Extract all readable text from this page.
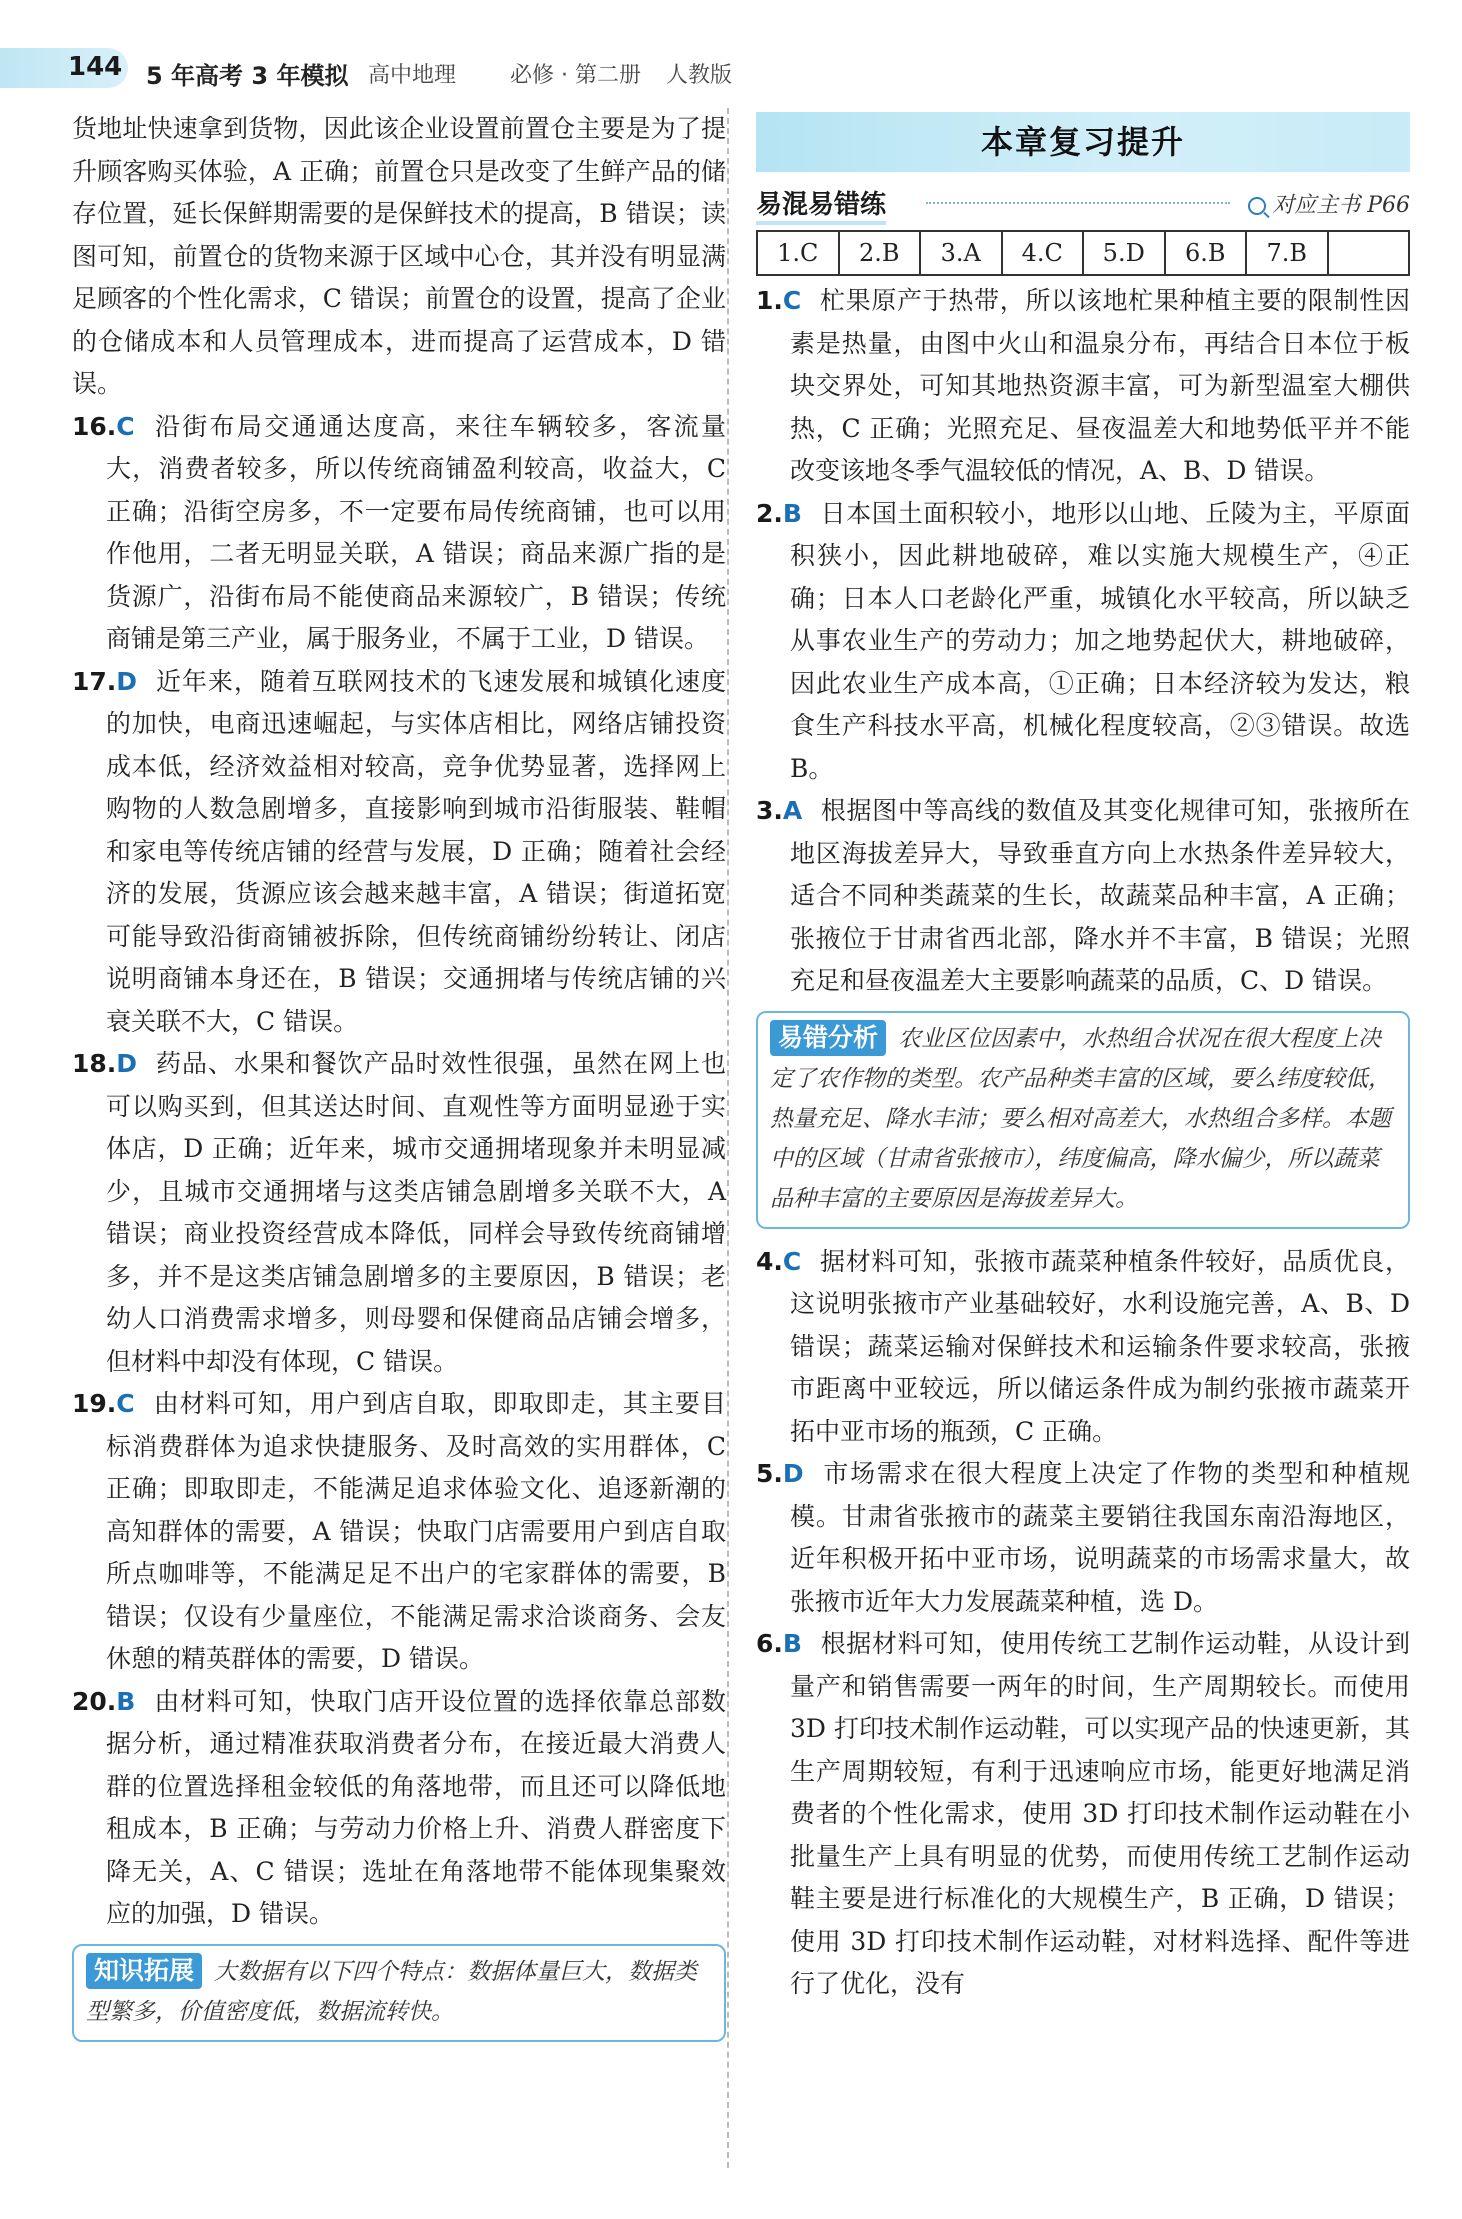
144 5 年高考 3 年模拟 高中地理 必修 · 第二册 人教版

货地址快速拿到货物，因此该企业设置前置仓主要是为了提升顾客购买体验，A 正确；前置仓只是改变了生鲜产品的储存位置，延长保鲜期需要的是保鲜技术的提高，B 错误；读图可知，前置仓的货物来源于区域中心仓，其并没有明显满足顾客的个性化需求，C 错误；前置仓的设置，提高了企业的仓储成本和人员管理成本，进而提高了运营成本，D 错误。

16.C 沿街布局交通通达度高，来往车辆较多，客流量大，消费者较多，所以传统商铺盈利较高，收益大，C 正确；沿街空房多，不一定要布局传统商铺，也可以用作他用，二者无明显关联，A 错误；商品来源广指的是货源广，沿街布局不能使商品来源较广，B 错误；传统商铺是第三产业，属于服务业，不属于工业，D 错误。

17.D 近年来，随着互联网技术的飞速发展和城镇化速度的加快，电商迅速崛起，与实体店相比，网络店铺投资成本低，经济效益相对较高，竞争优势显著，选择网上购物的人数急剧增多，直接影响到城市沿街服装、鞋帽和家电等传统店铺的经营与发展，D 正确；随着社会经济的发展，货源应该会越来越丰富，A 错误；街道拓宽可能导致沿街商铺被拆除，但传统商铺纷纷转让、闭店说明商铺本身还在，B 错误；交通拥堵与传统店铺的兴衰关联不大，C 错误。

18.D 药品、水果和餐饮产品时效性很强，虽然在网上也可以购买到，但其送达时间、直观性等方面明显逊于实体店，D 正确；近年来，城市交通拥堵现象并未明显减少，且城市交通拥堵与这类店铺急剧增多关联不大，A 错误；商业投资经营成本降低，同样会导致传统商铺增多，并不是这类店铺急剧增多的主要原因，B 错误；老幼人口消费需求增多，则母婴和保健商品店铺会增多，但材料中却没有体现，C 错误。

19.C 由材料可知，用户到店自取，即取即走，其主要目标消费群体为追求快捷服务、及时高效的实用群体，C 正确；即取即走，不能满足追求体验文化、追逐新潮的高知群体的需要，A 错误；快取门店需要用户到店自取所点咖啡等，不能满足足不出户的宅家群体的需要，B 错误；仅设有少量座位，不能满足需求洽谈商务、会友休憩的精英群体的需要，D 错误。

20.B 由材料可知，快取门店开设位置的选择依靠总部数据分析，通过精准获取消费者分布，在接近最大消费人群的位置选择租金较低的角落地带，而且还可以降低地租成本，B 正确；与劳动力价格上升、消费人群密度下降无关，A、C 错误；选址在角落地带不能体现集聚效应的加强，D 错误。

知识拓展 大数据有以下四个特点：数据体量巨大，数据类型繁多，价值密度低，数据流转快。
本章复习提升
易混易错练	对应主书 P66
1.C	2.B	3.A	4.C	5.D	6.B	7.B	

1.C 杧果原产于热带，所以该地杧果种植主要的限制性因素是热量，由图中火山和温泉分布，再结合日本位于板块交界处，可知其地热资源丰富，可为新型温室大棚供热，C 正确；光照充足、昼夜温差大和地势低平并不能改变该地冬季气温较低的情况，A、B、D 错误。

2.B 日本国土面积较小，地形以山地、丘陵为主，平原面积狭小，因此耕地破碎，难以实施大规模生产，④正确；日本人口老龄化严重，城镇化水平较高，所以缺乏从事农业生产的劳动力；加之地势起伏大，耕地破碎，因此农业生产成本高，①正确；日本经济较为发达，粮食生产科技水平高，机械化程度较高，②③错误。故选 B。

3.A 根据图中等高线的数值及其变化规律可知，张掖所在地区海拔差异大，导致垂直方向上水热条件差异较大，适合不同种类蔬菜的生长，故蔬菜品种丰富，A 正确；张掖位于甘肃省西北部，降水并不丰富，B 错误；光照充足和昼夜温差大主要影响蔬菜的品质，C、D 错误。

易错分析 农业区位因素中，水热组合状况在很大程度上决定了农作物的类型。农产品种类丰富的区域，要么纬度较低，热量充足、降水丰沛；要么相对高差大，水热组合多样。本题中的区域（甘肃省张掖市），纬度偏高，降水偏少，所以蔬菜品种丰富的主要原因是海拔差异大。

4.C 据材料可知，张掖市蔬菜种植条件较好，品质优良，这说明张掖市产业基础较好，水利设施完善，A、B、D 错误；蔬菜运输对保鲜技术和运输条件要求较高，张掖市距离中亚较远，所以储运条件成为制约张掖市蔬菜开拓中亚市场的瓶颈，C 正确。

5.D 市场需求在很大程度上决定了作物的类型和种植规模。甘肃省张掖市的蔬菜主要销往我国东南沿海地区，近年积极开拓中亚市场，说明蔬菜的市场需求量大，故张掖市近年大力发展蔬菜种植，选 D。

6.B 根据材料可知，使用传统工艺制作运动鞋，从设计到量产和销售需要一两年的时间，生产周期较长。而使用 3D 打印技术制作运动鞋，可以实现产品的快速更新，其生产周期较短，有利于迅速响应市场，能更好地满足消费者的个性化需求，使用 3D 打印技术制作运动鞋在小批量生产上具有明显的优势，而使用传统工艺制作运动鞋主要是进行标准化的大规模生产，B 正确，D 错误；使用 3D 打印技术制作运动鞋，对材料选择、配件等进行了优化，没有
